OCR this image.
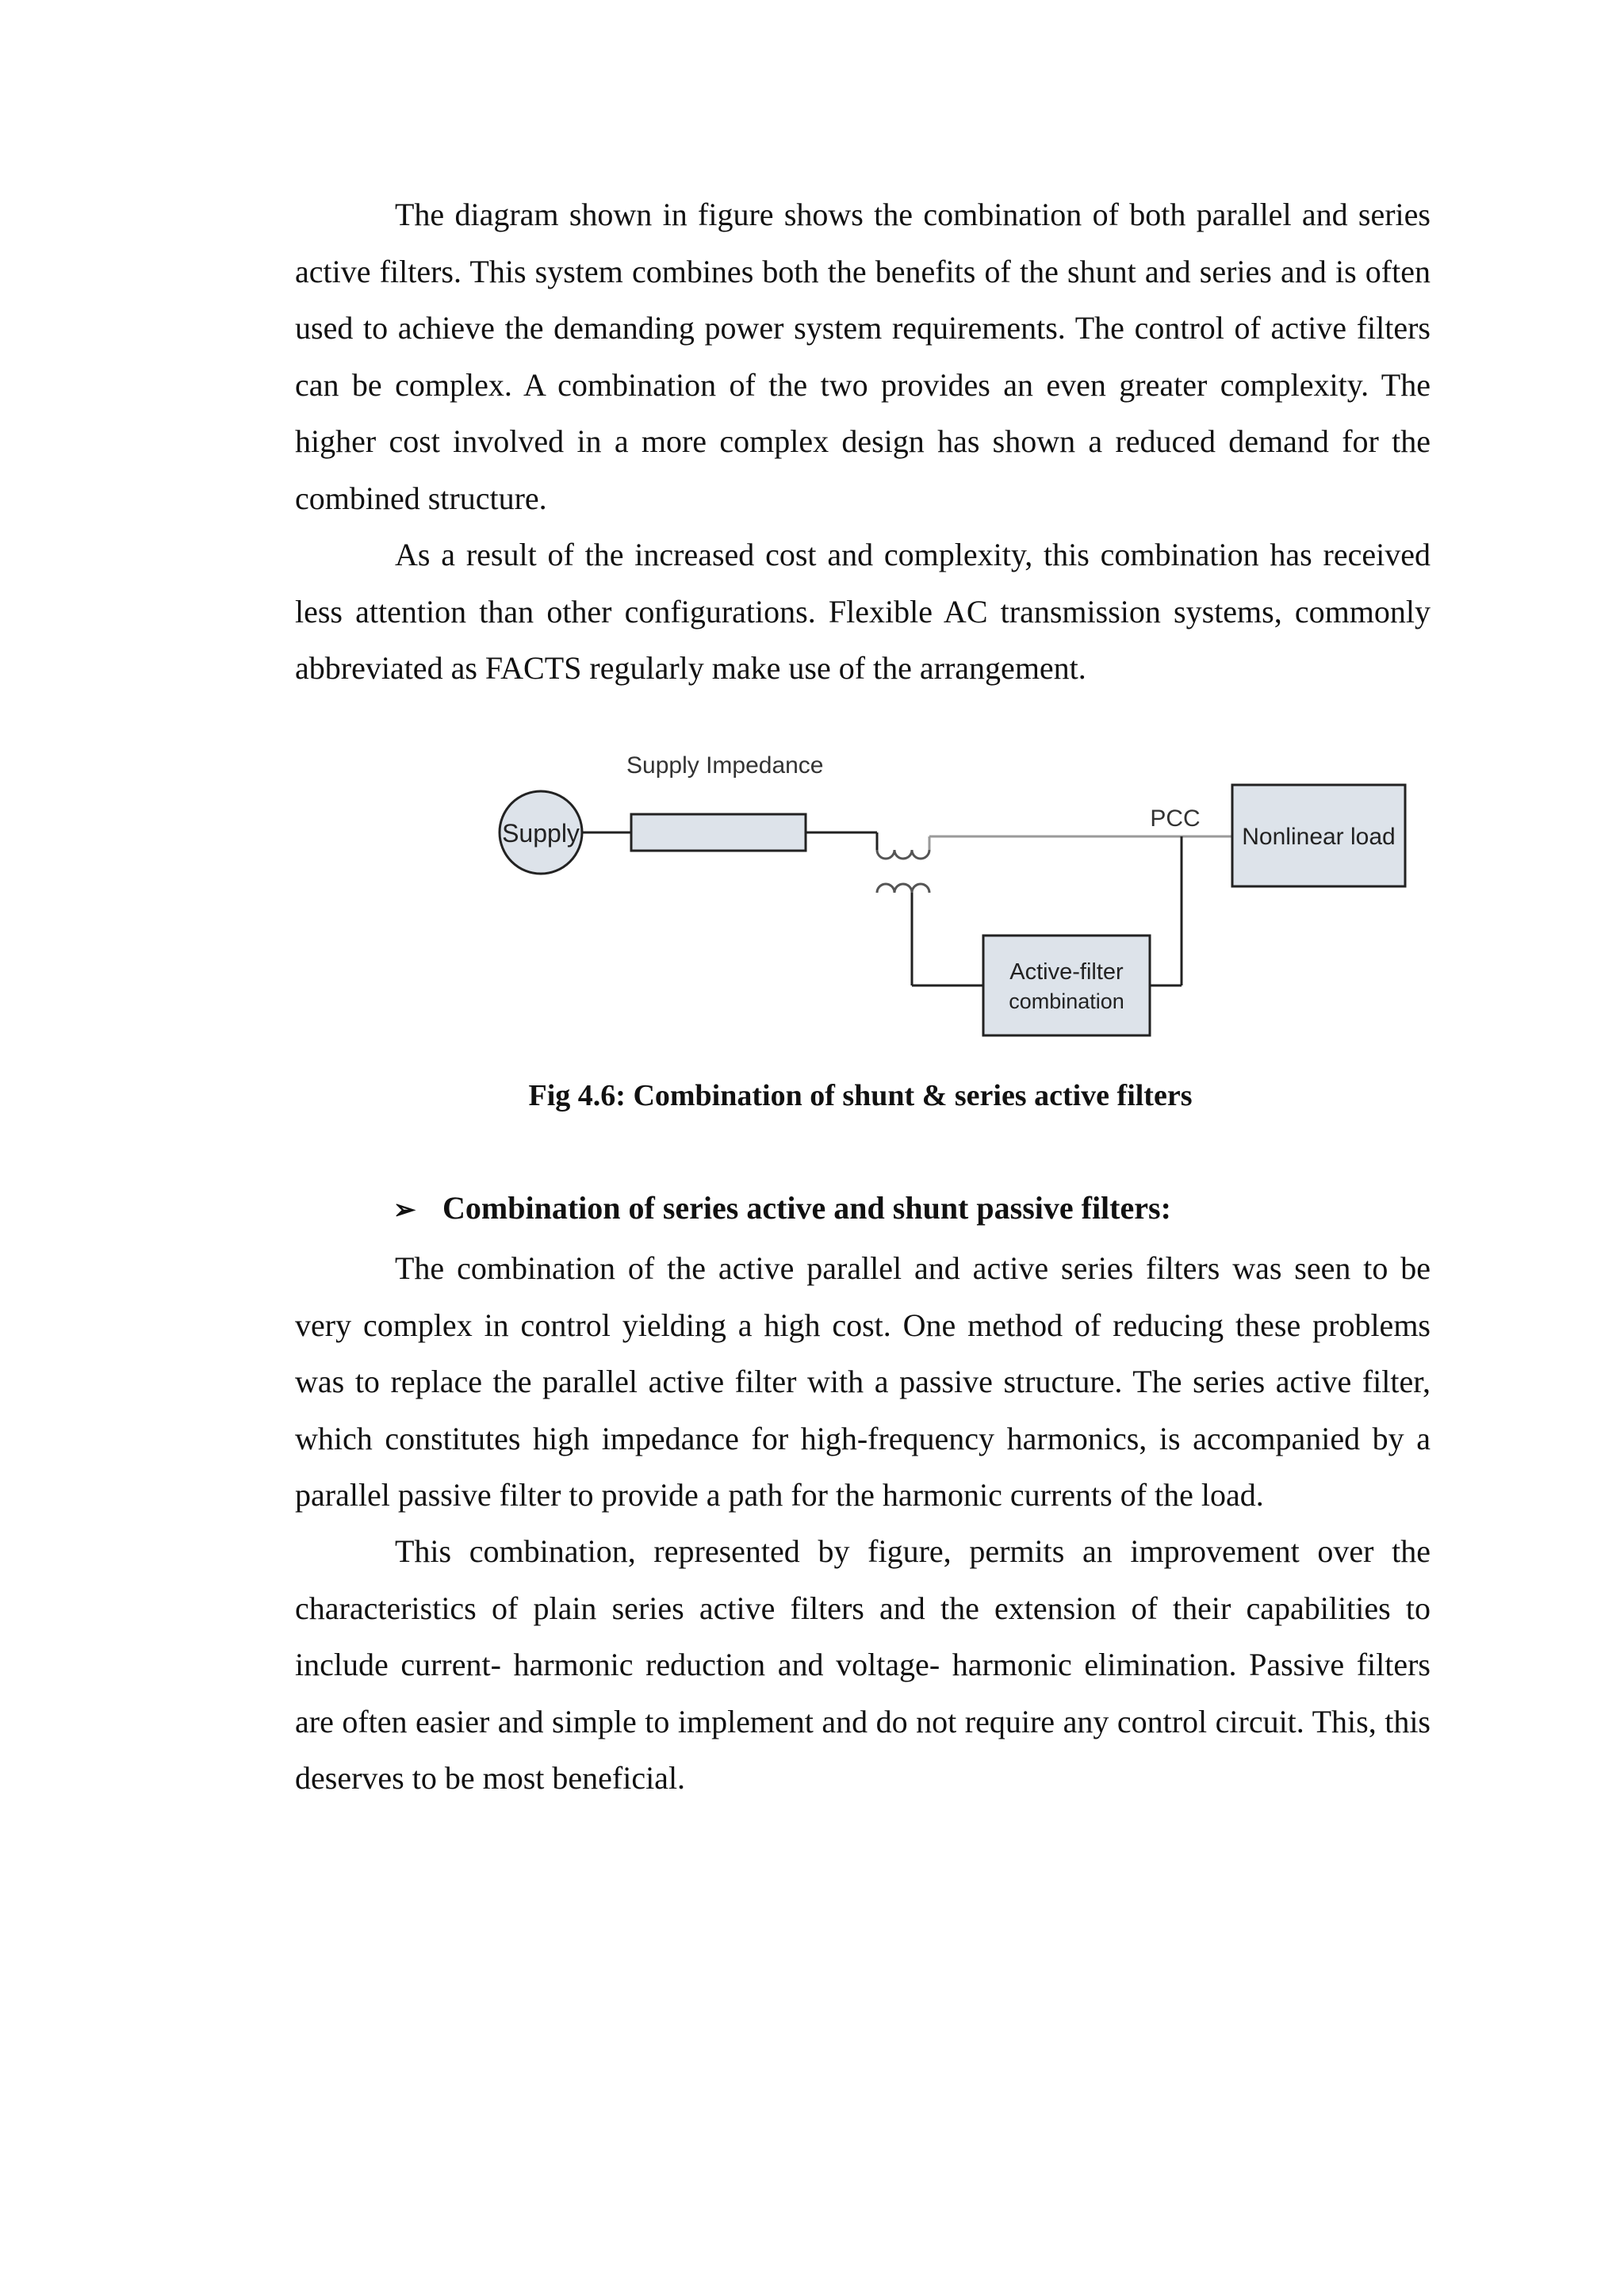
The diagram shown in figure shows the combination of both parallel and series active filters. This system combines both the benefits of the shunt and series and is often used to achieve the demanding power system requirements. The control of active filters can be complex. A combination of the two provides an even greater complexity. The higher cost involved in a more complex design has shown a reduced demand for the combined structure.

As a result of the increased cost and complexity, this combination has received less attention than other configurations. Flexible AC transmission systems, commonly abbreviated as FACTS regularly make use of the arrangement.

Supply
Supply Impedance
PCC
Nonlinear load
Active-filter
combination

Fig 4.6: Combination of shunt & series active filters

➢ Combination of series active and shunt passive filters:

The combination of the active parallel and active series filters was seen to be very complex in control yielding a high cost. One method of reducing these problems was to replace the parallel active filter with a passive structure. The series active filter, which constitutes high impedance for high-frequency harmonics, is accompanied by a parallel passive filter to provide a path for the harmonic currents of the load.

This combination, represented by figure, permits an improvement over the characteristics of plain series active filters and the extension of their capabilities to include current- harmonic reduction and voltage- harmonic elimination. Passive filters are often easier and simple to implement and do not require any control circuit. This, this deserves to be most beneficial.
